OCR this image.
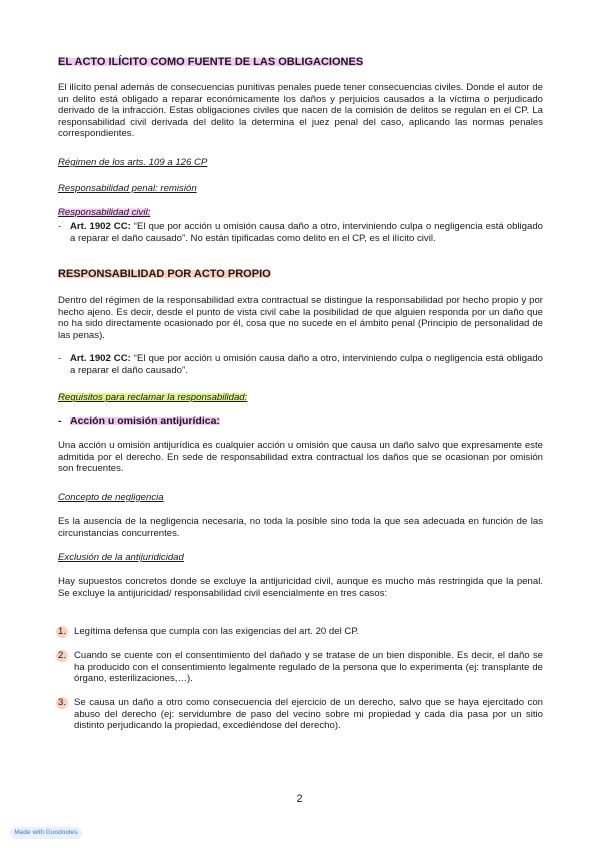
EL ACTO ILÍCITO COMO FUENTE DE LAS OBLIGACIONES
El ilícito penal además de consecuencias punitivas penales puede tener consecuencias civiles. Donde el autor de un delito está obligado a reparar económicamente los daños y perjuicios causados a la víctima o perjudicado derivado de la infracción. Estas obligaciones civiles que nacen de la comisión de delitos se regulan en el CP. La responsabilidad civil derivada del delito la determina el juez penal del caso, aplicando las normas penales correspondientes.
Régimen de los arts. 109 a 126 CP
Responsabilidad penal: remisión
Responsabilidad civil:
- Art. 1902 CC: “El que por acción u omisión causa daño a otro, interviniendo culpa o negligencia está obligado a reparar el daño causado”. No están tipificadas como delito en el CP, es el ilícito civil.
RESPONSABILIDAD POR ACTO PROPIO
Dentro del régimen de la responsabilidad extra contractual se distingue la responsabilidad por hecho propio y por hecho ajeno. Es decir, desde el punto de vista civil cabe la posibilidad de que alguien responda por un daño que no ha sido directamente ocasionado por él, cosa que no sucede en el ámbito penal (Principio de personalidad de las penas).
- Art. 1902 CC: “El que por acción u omisión causa daño a otro, interviniendo culpa o negligencia está obligado a reparar el daño causado”.
Requisitos para reclamar la responsabilidad:
- Acción u omisión antijurídica:
Una acción u omisión antijurídica es cualquier acción u omisión que causa un daño salvo que expresamente este admitida por el derecho. En sede de responsabilidad extra contractual los daños que se ocasionan por omisión son frecuentes.
Concepto de negligencia
Es la ausencia de la negligencia necesaria, no toda la posible sino toda la que sea adecuada en función de las circunstancias concurrentes.
Exclusión de la antijuridicidad
Hay supuestos concretos donde se excluye la antijuricidad civil, aunque es mucho más restringida que la penal. Se excluye la antijuricidad/ responsabilidad civil esencialmente en tres casos:
1. Legítima defensa que cumpla con las exigencias del art. 20 del CP.
2. Cuando se cuente con el consentimiento del dañado y se tratase de un bien disponible. Es decir, el daño se ha producido con el consentimiento legalmente regulado de la persona que lo experimenta (ej: transplante de órgano, esterilizaciones,…).
3. Se causa un daño a otro como consecuencia del ejercicio de un derecho, salvo que se haya ejercitado con abuso del derecho (ej: servidumbre de paso del vecino sobre mi propiedad y cada día pasa por un sitio distinto perjudicando la propiedad, excediéndose del derecho).
2
Made with Goodnotes
